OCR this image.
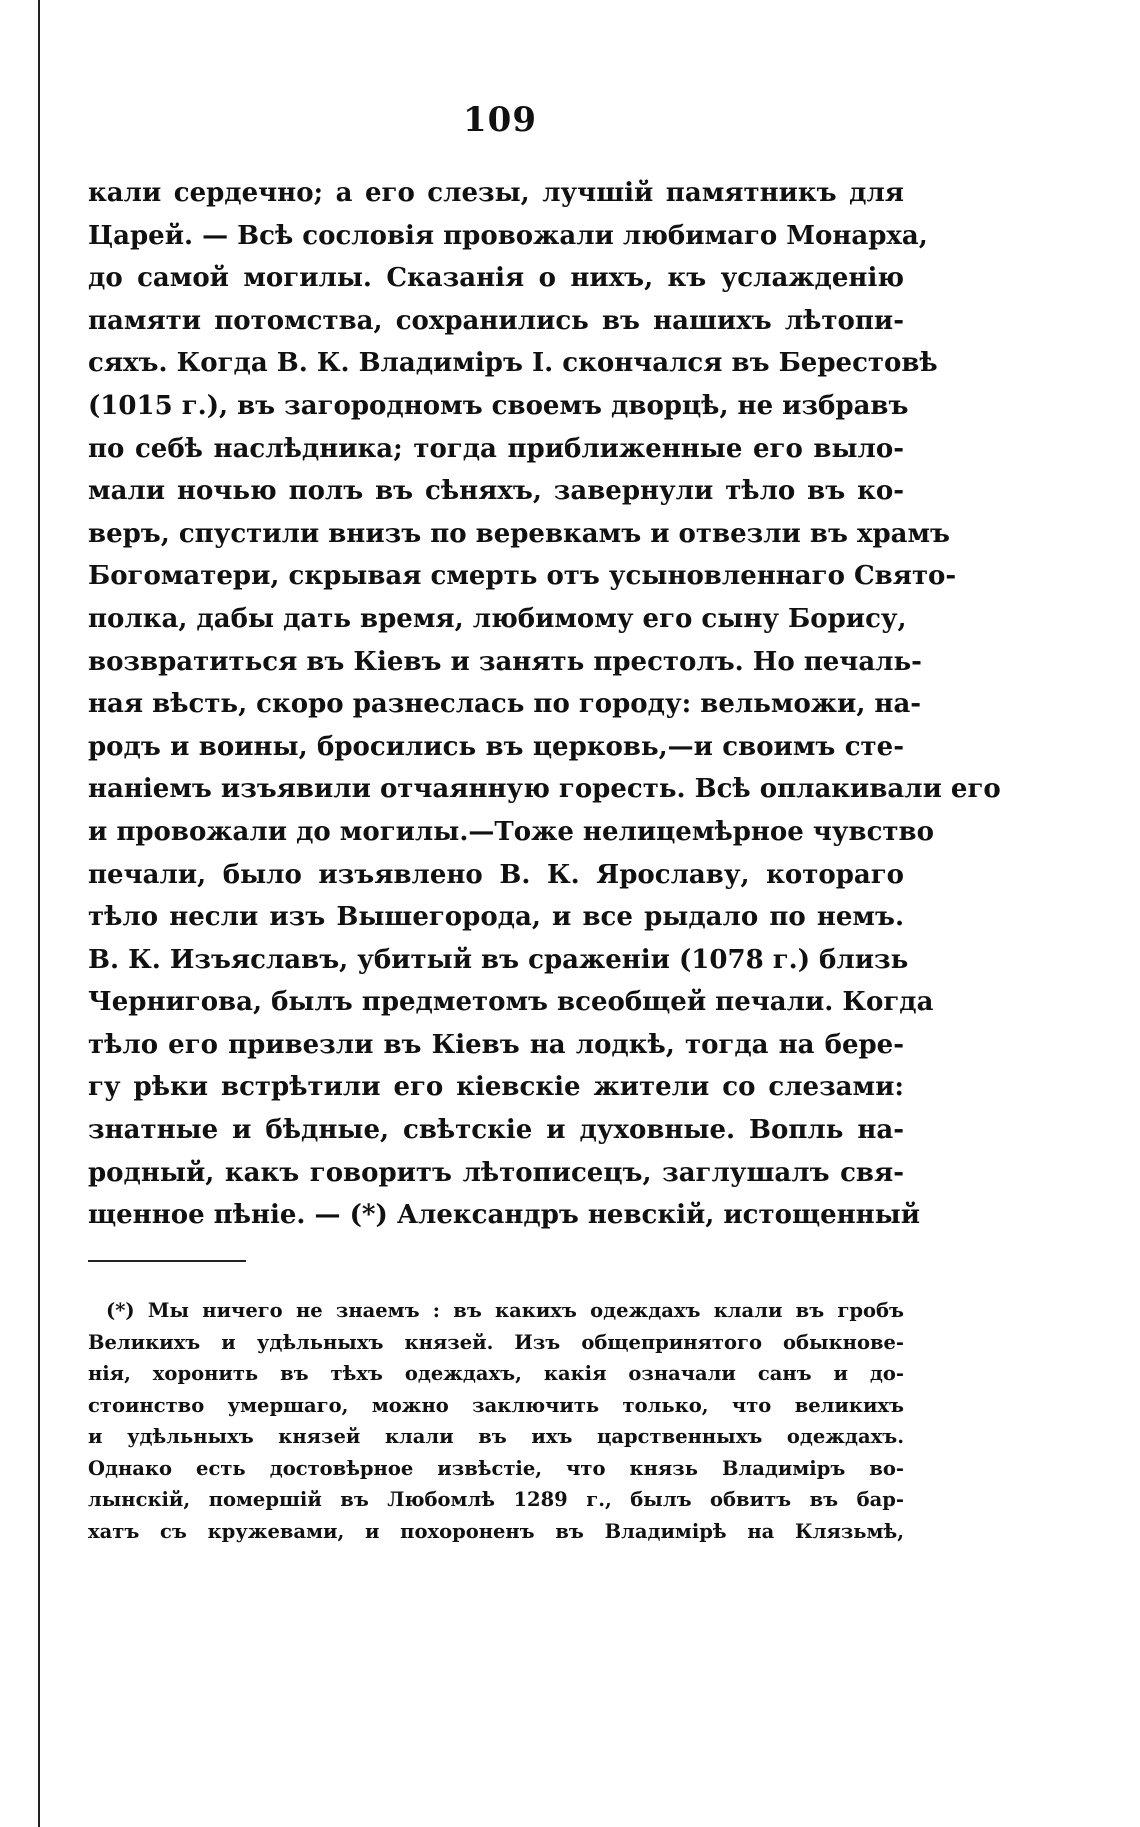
109
кали сердечно; а его слезы, лучшій памятникъ для
Царей. — Всѣ сословія провожали любимаго Монарха,
до самой могилы. Сказанія о нихъ, къ услажденію
памяти потомства, сохранились въ нашихъ лѣтопи-
сяхъ. Когда В. К. Владиміръ I. скончался въ Берестовѣ
(1015 г.), въ загородномъ своемъ дворцѣ, не избравъ
по себѣ наслѣдника; тогда приближенные его выло-
мали ночью полъ въ сѣняхъ, завернули тѣло въ ко-
веръ, спустили внизъ по веревкамъ и отвезли въ храмъ
Богоматери, скрывая смерть отъ усыновленнаго Свято-
полка, дабы дать время, любимому его сыну Борису,
возвратиться въ Кіевъ и занять престолъ. Но печаль-
ная вѣсть, скоро разнеслась по городу: вельможи, на-
родъ и воины, бросились въ церковь,—и своимъ сте-
наніемъ изъявили отчаянную горесть. Всѣ оплакивали его
и провожали до могилы.—Тоже нелицемѣрное чувство
печали, было изъявлено В. К. Ярославу, котораго
тѣло несли изъ Вышегорода, и все рыдало по немъ.
В. К. Изъяславъ, убитый въ сраженіи (1078 г.) близь
Чернигова, былъ предметомъ всеобщей печали. Когда
тѣло его привезли въ Кіевъ на лодкѣ, тогда на бере-
гу рѣки встрѣтили его кіевскіе жители со слезами:
знатные и бѣдные, свѣтскіе и духовные. Вопль на-
родный, какъ говоритъ лѣтописецъ, заглушалъ свя-
щенное пѣніе. — (*) Александръ невскій, истощенный
(*) Мы ничего не знаемъ : въ какихъ одеждахъ клали въ гробъ
Великихъ и удѣльныхъ князей. Изъ общепринятого обыкнове-
нія, хоронить въ тѣхъ одеждахъ, какія означали санъ и до-
стоинство умершаго, можно заключить только, что великихъ
и удѣльныхъ князей клали въ ихъ царственныхъ одеждахъ.
Однако есть достовѣрное извѣстіе, что князь Владиміръ во-
лынскій, помершій въ Любомлѣ 1289 г., былъ обвитъ въ бар-
хатъ съ кружевами, и похороненъ въ Владимірѣ на Клязьмѣ,
